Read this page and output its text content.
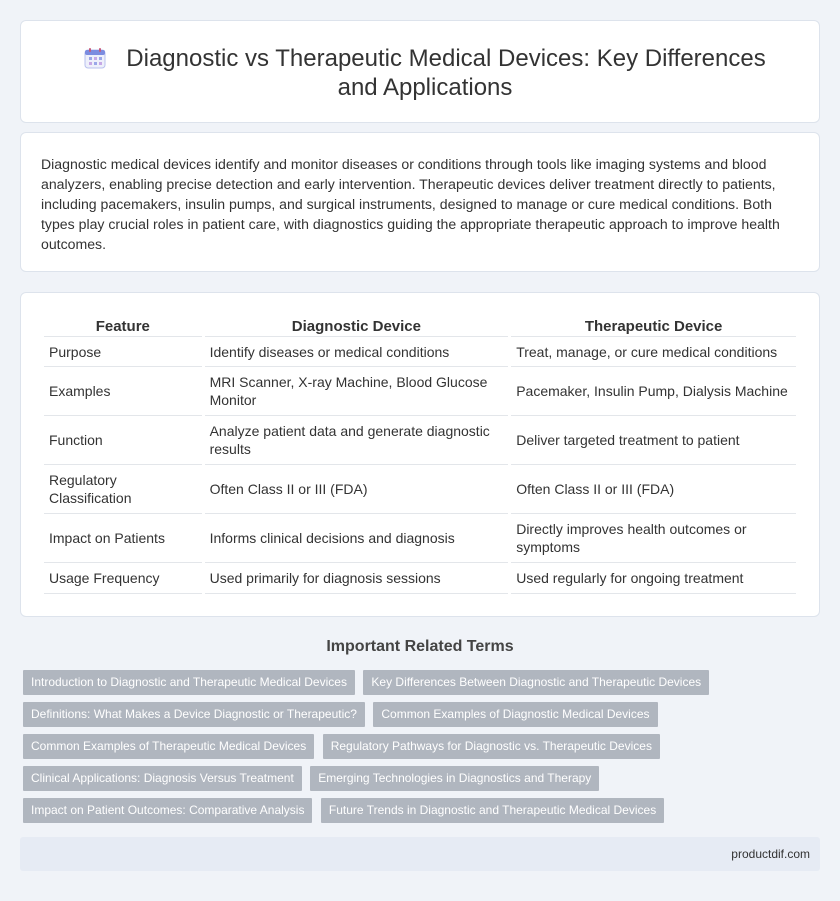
Diagnostic vs Therapeutic Medical Devices: Key Differences and Applications

Diagnostic medical devices identify and monitor diseases or conditions through tools like imaging systems and blood analyzers, enabling precise detection and early intervention. Therapeutic devices deliver treatment directly to patients, including pacemakers, insulin pumps, and surgical instruments, designed to manage or cure medical conditions. Both types play crucial roles in patient care, with diagnostics guiding the appropriate therapeutic approach to improve health outcomes.

Feature	Diagnostic Device	Therapeutic Device
Purpose	Identify diseases or medical conditions	Treat, manage, or cure medical conditions
Examples	MRI Scanner, X-ray Machine, Blood Glucose Monitor	Pacemaker, Insulin Pump, Dialysis Machine
Function	Analyze patient data and generate diagnostic results	Deliver targeted treatment to patient
Regulatory Classification	Often Class II or III (FDA)	Often Class II or III (FDA)
Impact on Patients	Informs clinical decisions and diagnosis	Directly improves health outcomes or symptoms
Usage Frequency	Used primarily for diagnosis sessions	Used regularly for ongoing treatment
Important Related Terms
Introduction to Diagnostic and Therapeutic Medical Devices Key Differences Between Diagnostic and Therapeutic Devices
Definitions: What Makes a Device Diagnostic or Therapeutic? Common Examples of Diagnostic Medical Devices
Common Examples of Therapeutic Medical Devices Regulatory Pathways for Diagnostic vs. Therapeutic Devices
Clinical Applications: Diagnosis Versus Treatment Emerging Technologies in Diagnostics and Therapy
Impact on Patient Outcomes: Comparative Analysis Future Trends in Diagnostic and Therapeutic Medical Devices
productdif.com
